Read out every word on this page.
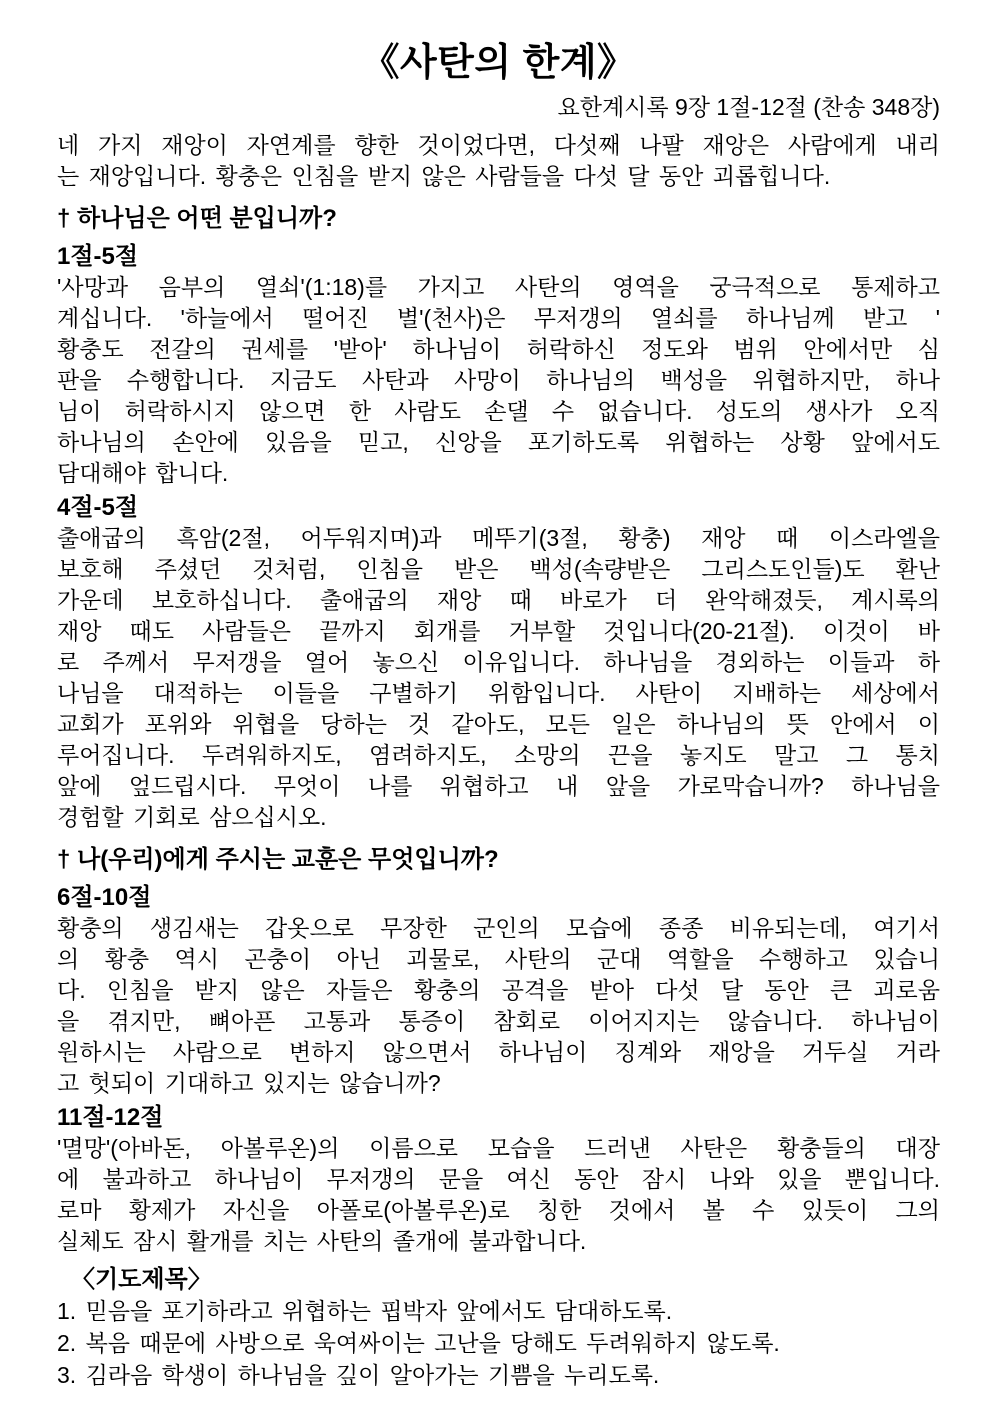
《사탄의 한계》
요한계시록 9장 1절-12절 (찬송 348장)
네 가지 재앙이 자연계를 향한 것이었다면, 다섯째 나팔 재앙은 사람에게 내리
는 재앙입니다. 황충은 인침을 받지 않은 사람들을 다섯 달 동안 괴롭힙니다.
† 하나님은 어떤 분입니까?
1절-5절
'사망과 음부의 열쇠'(1:18)를 가지고 사탄의 영역을 궁극적으로 통제하고
계십니다. '하늘에서 떨어진 별'(천사)은 무저갱의 열쇠를 하나님께 받고 '
황충도 전갈의 권세를 '받아' 하나님이 허락하신 정도와 범위 안에서만 심
판을 수행합니다. 지금도 사탄과 사망이 하나님의 백성을 위협하지만, 하나
님이 허락하시지 않으면 한 사람도 손댈 수 없습니다. 성도의 생사가 오직
하나님의 손안에 있음을 믿고, 신앙을 포기하도록 위협하는 상황 앞에서도
담대해야 합니다.
4절-5절
출애굽의 흑암(2절, 어두워지며)과 메뚜기(3절, 황충) 재앙 때 이스라엘을
보호해 주셨던 것처럼, 인침을 받은 백성(속량받은 그리스도인들)도 환난
가운데 보호하십니다. 출애굽의 재앙 때 바로가 더 완악해졌듯, 계시록의
재앙 때도 사람들은 끝까지 회개를 거부할 것입니다(20-21절). 이것이 바
로 주께서 무저갱을 열어 놓으신 이유입니다. 하나님을 경외하는 이들과 하
나님을 대적하는 이들을 구별하기 위함입니다. 사탄이 지배하는 세상에서
교회가 포위와 위협을 당하는 것 같아도, 모든 일은 하나님의 뜻 안에서 이
루어집니다. 두려워하지도, 염려하지도, 소망의 끈을 놓지도 말고 그 통치
앞에 엎드립시다. 무엇이 나를 위협하고 내 앞을 가로막습니까? 하나님을
경험할 기회로 삼으십시오.
† 나(우리)에게 주시는 교훈은 무엇입니까?
6절-10절
황충의 생김새는 갑옷으로 무장한 군인의 모습에 종종 비유되는데, 여기서
의 황충 역시 곤충이 아닌 괴물로, 사탄의 군대 역할을 수행하고 있습니
다. 인침을 받지 않은 자들은 황충의 공격을 받아 다섯 달 동안 큰 괴로움
을 겪지만, 뼈아픈 고통과 통증이 참회로 이어지지는 않습니다. 하나님이
원하시는 사람으로 변하지 않으면서 하나님이 징계와 재앙을 거두실 거라
고 헛되이 기대하고 있지는 않습니까?
11절-12절
'멸망'(아바돈, 아볼루온)의 이름으로 모습을 드러낸 사탄은 황충들의 대장
에 불과하고 하나님이 무저갱의 문을 여신 동안 잠시 나와 있을 뿐입니다.
로마 황제가 자신을 아폴로(아볼루온)로 칭한 것에서 볼 수 있듯이 그의
실체도 잠시 활개를 치는 사탄의 졸개에 불과합니다.
〈기도제목〉
1. 믿음을 포기하라고 위협하는 핍박자 앞에서도 담대하도록.
2. 복음 때문에 사방으로 욱여싸이는 고난을 당해도 두려워하지 않도록.
3. 김라음 학생이 하나님을 깊이 알아가는 기쁨을 누리도록.
